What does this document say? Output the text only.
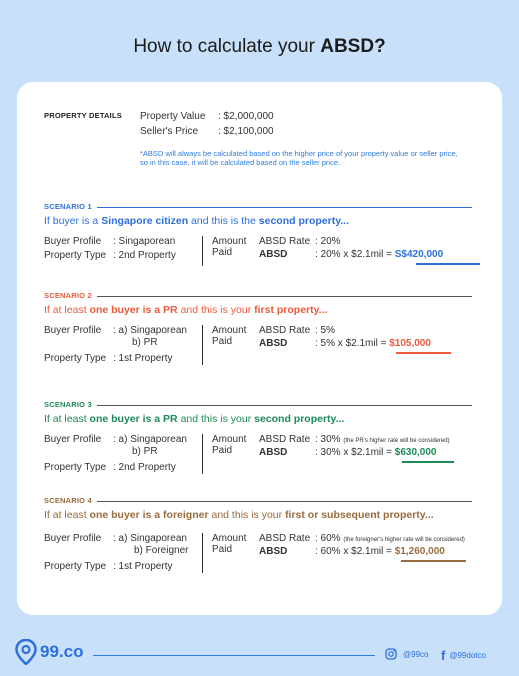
How to calculate your ABSD?
PROPERTY DETAILS Property Value : $2,000,000
Seller's Price : $2,100,000
*ABSD will always be calculated based on the higher price of your property value or seller price, so in this case, it will be calculated based on the seller price.
SCENARIO 1
If buyer is a Singapore citizen and this is the second property...
Buyer Profile : Singaporean
Property Type : 2nd Property
Amount
Paid
ABSD Rate : 20%
ABSD	: 20% x $2.1mil = S$420,000
SCENARIO 2
If at least one buyer is a PR and this is your first property...
Buyer Profile : a) Singaporean
b) PR
Property Type : 1st Property
Amount
Paid
ABSD Rate : 5%
ABSD	: 5% x $2.1mil = $105,000
SCENARIO 3
If at least one buyer is a PR and this is your second property...
Buyer Profile : a) Singaporean
b) PR
Property Type : 2nd Property
Amount
Paid
ABSD Rate : 30% (the PR's higher rate will be considered)
ABSD	: 30% x $2.1mil = $630,000
SCENARIO 4
If at least one buyer is a foreigner and this is your first or subsequent property...
Buyer Profile : a) Singaporean
b) Foreigner
Property Type : 1st Property
Amount
Paid
ABSD Rate : 60% (the foreigner's higher rate will be considered)
ABSD	: 60% x $2.1mil = $1,260,000
99.co	@99co f @99dotco
